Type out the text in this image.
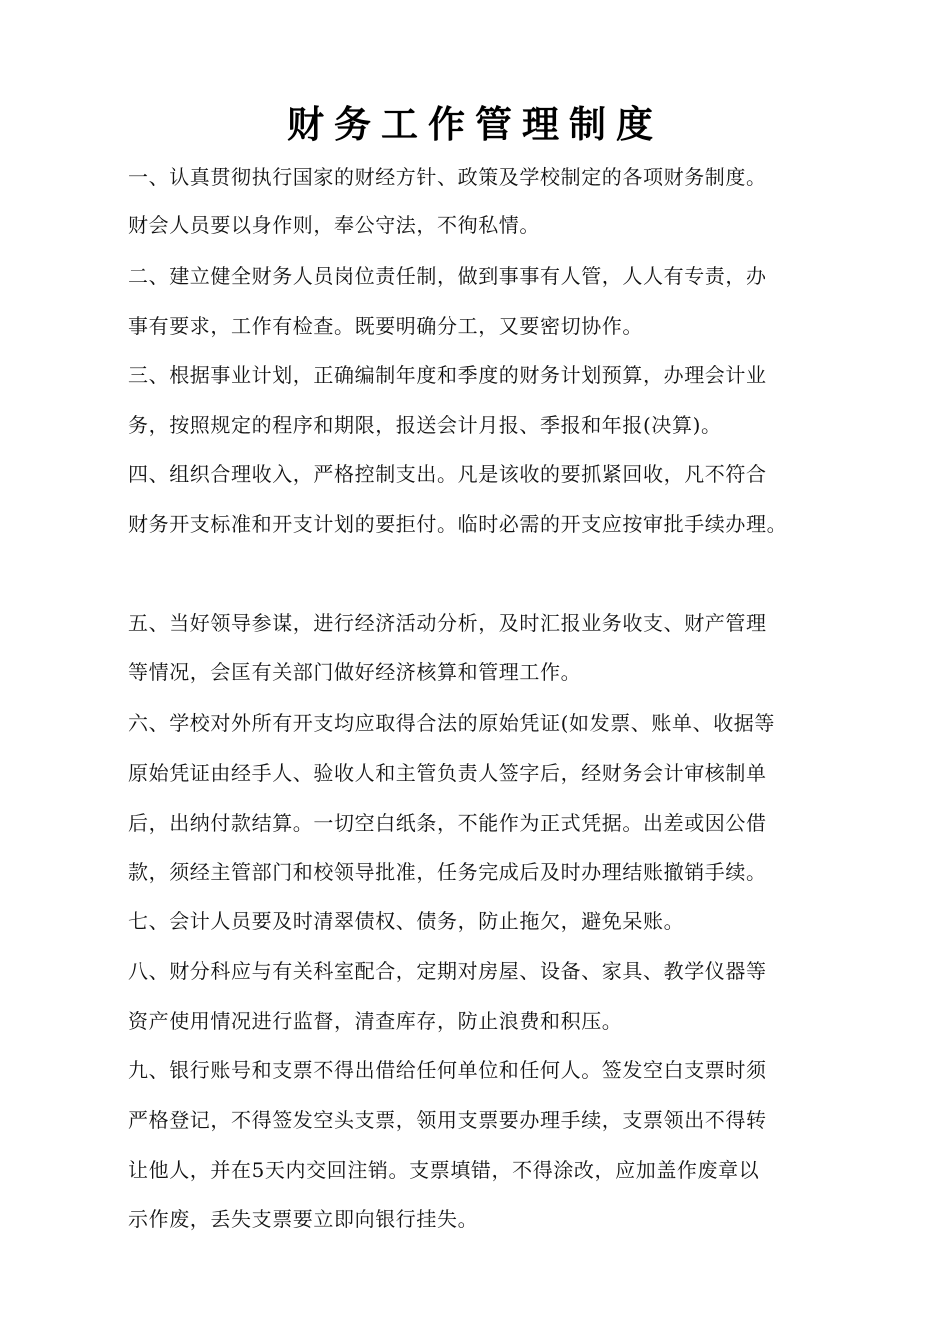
财务工作管理制度
一、认真贯彻执行国家的财经方针、政策及学校制定的各项财务制度。
财会人员要以身作则，奉公守法，不徇私情。
二、建立健全财务人员岗位责任制，做到事事有人管，人人有专责，办
事有要求，工作有检查。既要明确分工，又要密切协作。
三、根据事业计划，正确编制年度和季度的财务计划预算，办理会计业
务，按照规定的程序和期限，报送会计月报、季报和年报(决算)。
四、组织合理收入，严格控制支出。凡是该收的要抓紧回收，凡不符合
财务开支标准和开支计划的要拒付。临时必需的开支应按审批手续办理。
五、当好领导参谋，进行经济活动分析，及时汇报业务收支、财产管理
等情况，会匡有关部门做好经济核算和管理工作。
六、学校对外所有开支均应取得合法的原始凭证(如发票、账单、收据等
原始凭证由经手人、验收人和主管负责人签字后，经财务会计审核制单
后，出纳付款结算。一切空白纸条，不能作为正式凭据。出差或因公借
款，须经主管部门和校领导批准，任务完成后及时办理结账撤销手续。
七、会计人员要及时清翠债权、债务，防止拖欠，避免呆账。
八、财分科应与有关科室配合，定期对房屋、设备、家具、教学仪器等
资产使用情况进行监督，清查库存，防止浪费和积压。
九、银行账号和支票不得出借给任何单位和任何人。签发空白支票时须
严格登记，不得签发空头支票，领用支票要办理手续，支票领出不得转
让他人，并在5天内交回注销。支票填错，不得涂改，应加盖作废章以
示作废，丢失支票要立即向银行挂失。
